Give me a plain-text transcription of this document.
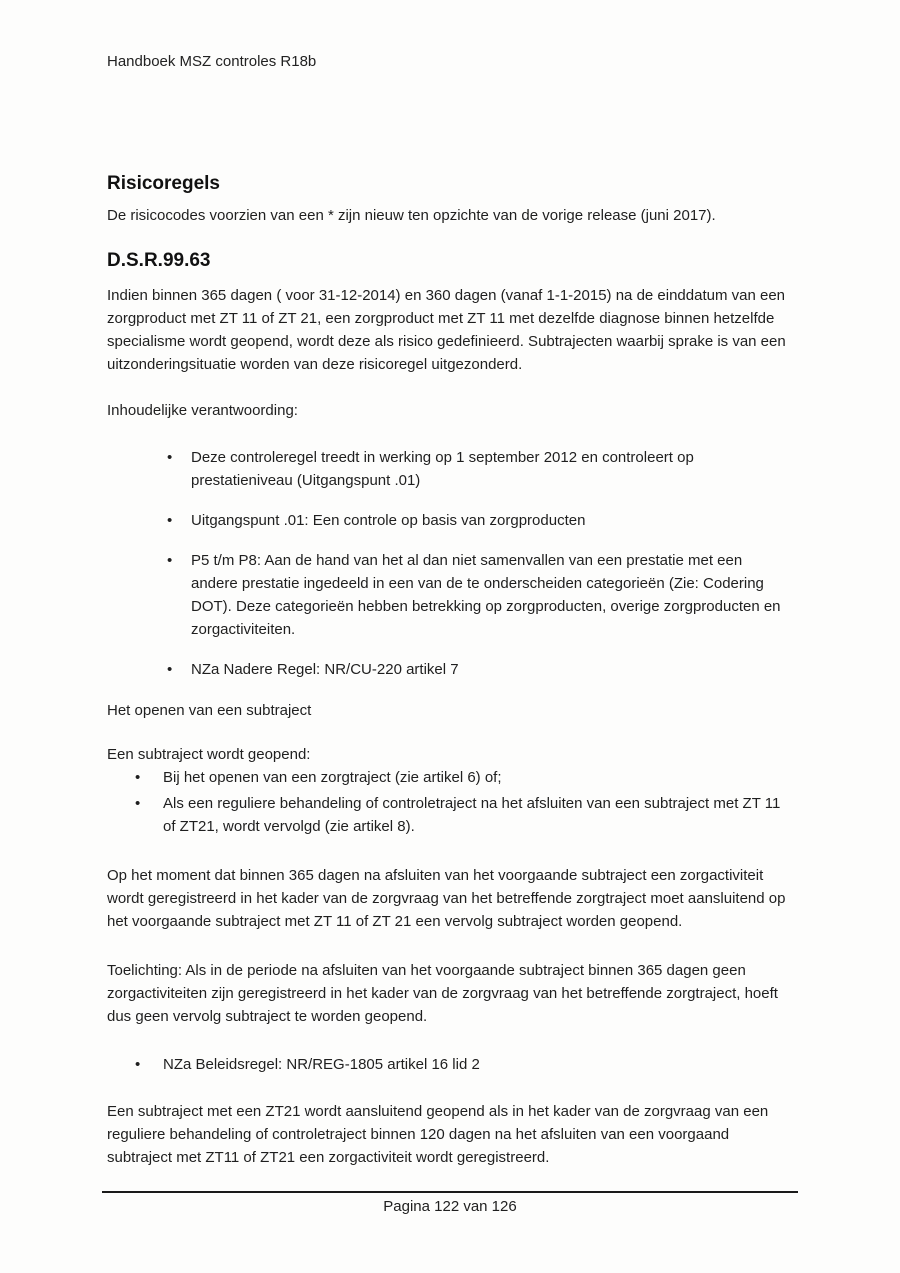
Handboek MSZ controles R18b

Risicoregels

De risicocodes voorzien van een * zijn nieuw ten opzichte van de vorige release (juni 2017).

D.S.R.99.63

Indien binnen 365 dagen ( voor 31-12-2014) en 360 dagen (vanaf 1-1-2015) na de einddatum van een zorgproduct met ZT 11 of ZT 21, een zorgproduct met ZT 11 met dezelfde diagnose binnen hetzelfde specialisme wordt geopend, wordt deze als risico gedefinieerd. Subtrajecten waarbij sprake is van een uitzonderingsituatie worden van deze risicoregel uitgezonderd.

Inhoudelijke verantwoording:

• Deze controleregel treedt in werking op 1 september 2012 en controleert op prestatieniveau (Uitgangspunt .01)
• Uitgangspunt .01: Een controle op basis van zorgproducten
• P5 t/m P8: Aan de hand van het al dan niet samenvallen van een prestatie met een andere prestatie ingedeeld in een van de te onderscheiden categorieën (Zie: Codering DOT). Deze categorieën hebben betrekking op zorgproducten, overige zorgproducten en zorgactiviteiten.
• NZa Nadere Regel: NR/CU-220 artikel 7

Het openen van een subtraject

Een subtraject wordt geopend:

• Bij het openen van een zorgtraject (zie artikel 6) of;
• Als een reguliere behandeling of controletraject na het afsluiten van een subtraject met ZT 11 of ZT21, wordt vervolgd (zie artikel 8).

Op het moment dat binnen 365 dagen na afsluiten van het voorgaande subtraject een zorgactiviteit wordt geregistreerd in het kader van de zorgvraag van het betreffende zorgtraject moet aansluitend op het voorgaande subtraject met ZT 11 of ZT 21 een vervolg subtraject worden geopend.

Toelichting: Als in de periode na afsluiten van het voorgaande subtraject binnen 365 dagen geen zorgactiviteiten zijn geregistreerd in het kader van de zorgvraag van het betreffende zorgtraject, hoeft dus geen vervolg subtraject te worden geopend.

• NZa Beleidsregel: NR/REG-1805 artikel 16 lid 2

Een subtraject met een ZT21 wordt aansluitend geopend als in het kader van de zorgvraag van een reguliere behandeling of controletraject binnen 120 dagen na het afsluiten van een voorgaand subtraject met ZT11 of ZT21 een zorgactiviteit wordt geregistreerd.

Pagina 122 van 126
